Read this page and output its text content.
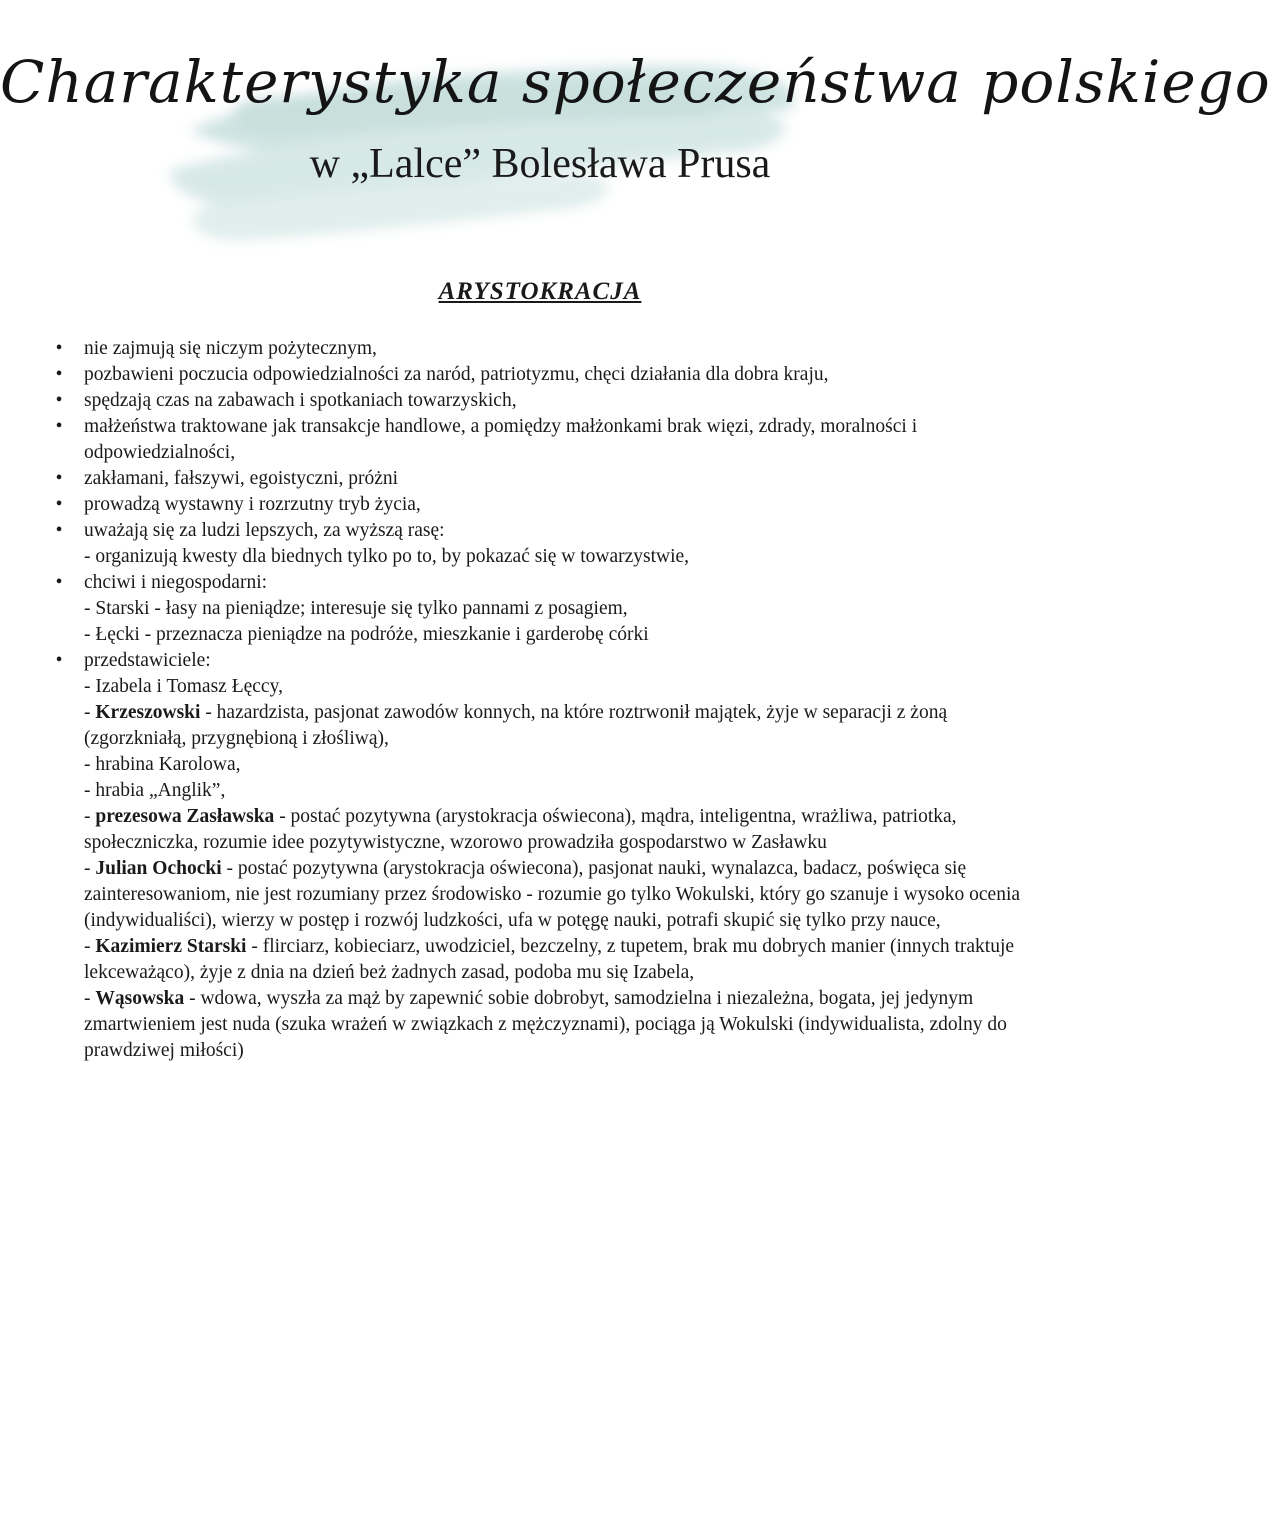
Charakterystyka społeczeństwa polskiego
w „Lalce” Bolesława Prusa
ARYSTOKRACJA
• nie zajmują się niczym pożytecznym,
• pozbawieni poczucia odpowiedzialności za naród, patriotyzmu, chęci działania dla dobra kraju,
• spędzają czas na zabawach i spotkaniach towarzyskich,
• małżeństwa traktowane jak transakcje handlowe, a pomiędzy małżonkami brak więzi, zdrady, moralności i odpowiedzialności,
• zakłamani, fałszywi, egoistyczni, próżni
• prowadzą wystawny i rozrzutny tryb życia,
• uważają się za ludzi lepszych, za wyższą rasę:
- organizują kwesty dla biednych tylko po to, by pokazać się w towarzystwie,
• chciwi i niegospodarni:
- Starski - łasy na pieniądze; interesuje się tylko pannami z posagiem,
- Łęcki - przeznacza pieniądze na podróże, mieszkanie i garderobę córki
• przedstawiciele:
- Izabela i Tomasz Łęccy,
- Krzeszowski - hazardzista, pasjonat zawodów konnych, na które roztrwonił majątek, żyje w separacji z żoną (zgorzkniałą, przygnębioną i złośliwą),
- hrabina Karolowa,
- hrabia „Anglik”,
- prezesowa Zasławska - postać pozytywna (arystokracja oświecona), mądra, inteligentna, wrażliwa, patriotka, społeczniczka, rozumie idee pozytywistyczne, wzorowo prowadziła gospodarstwo w Zasławku
- Julian Ochocki - postać pozytywna (arystokracja oświecona), pasjonat nauki, wynalazca, badacz, poświęca się zainteresowaniom, nie jest rozumiany przez środowisko - rozumie go tylko Wokulski, który go szanuje i wysoko ocenia (indywidualiści), wierzy w postęp i rozwój ludzkości, ufa w potęgę nauki, potrafi skupić się tylko przy nauce,
- Kazimierz Starski - flirciarz, kobieciarz, uwodziciel, bezczelny, z tupetem, brak mu dobrych manier (innych traktuje lekceważąco), żyje z dnia na dzień beż żadnych zasad, podoba mu się Izabela,
- Wąsowska - wdowa, wyszła za mąż by zapewnić sobie dobrobyt, samodzielna i niezależna, bogata, jej jedynym zmartwieniem jest nuda (szuka wrażeń w związkach z mężczyznami), pociąga ją Wokulski (indywidualista, zdolny do prawdziwej miłości)
